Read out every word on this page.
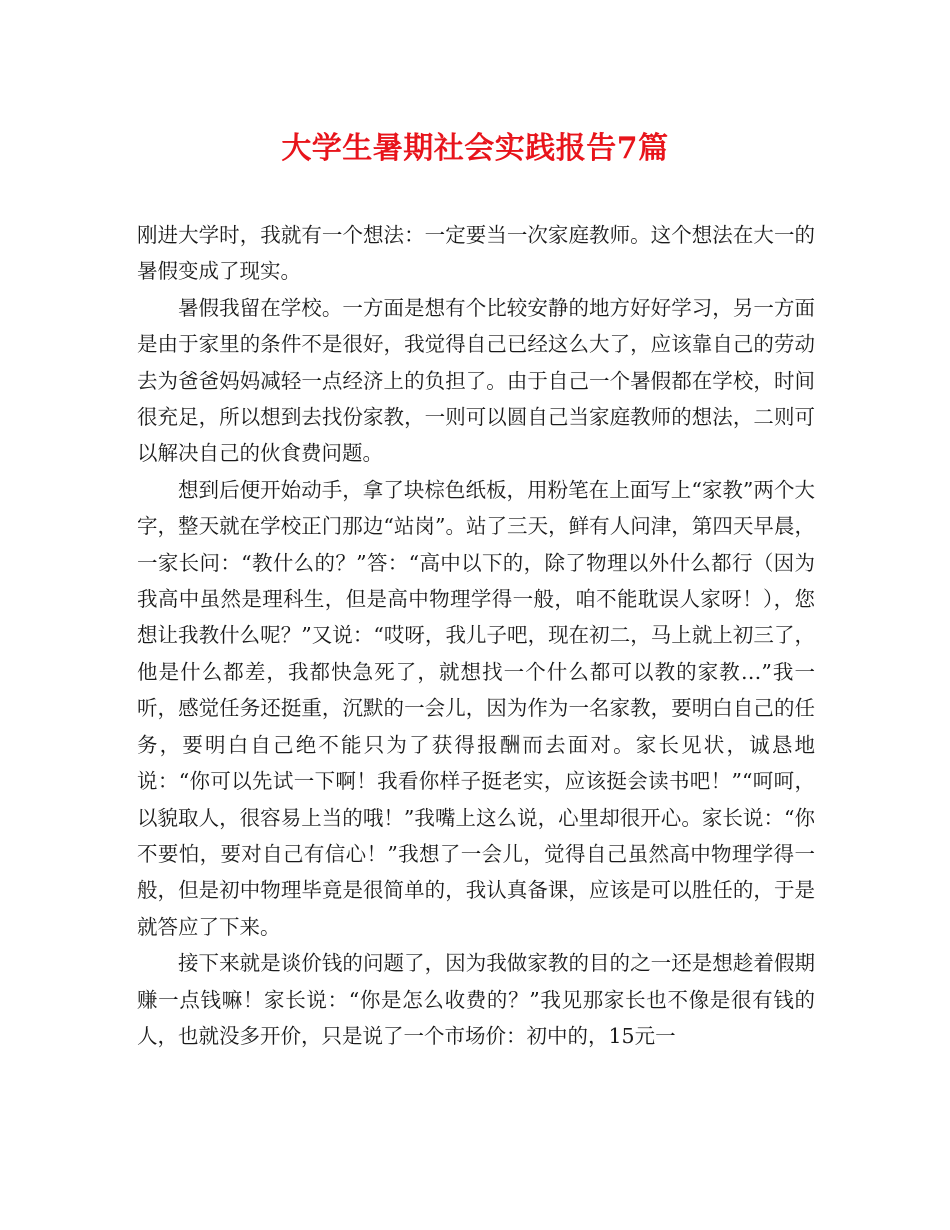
大学生暑期社会实践报告7篇

刚进大学时，我就有一个想法：一定要当一次家庭教师。这个想法在大一的暑假变成了现实。

暑假我留在学校。一方面是想有个比较安静的地方好好学习，另一方面是由于家里的条件不是很好，我觉得自己已经这么大了，应该靠自己的劳动去为爸爸妈妈减轻一点经济上的负担了。由于自己一个暑假都在学校，时间很充足，所以想到去找份家教，一则可以圆自己当家庭教师的想法，二则可以解决自己的伙食费问题。

想到后便开始动手，拿了块棕色纸板，用粉笔在上面写上“家教”两个大字，整天就在学校正门那边“站岗”。站了三天，鲜有人问津，第四天早晨，一家长问：“教什么的？”答：“高中以下的，除了物理以外什么都行（因为我高中虽然是理科生，但是高中物理学得一般，咱不能耽误人家呀！），您想让我教什么呢？”又说：“哎呀，我儿子吧，现在初二，马上就上初三了，他是什么都差，我都快急死了，就想找一个什么都可以教的家教…”我一听，感觉任务还挺重，沉默的一会儿，因为作为一名家教，要明白自己的任务，要明白自己绝不能只为了获得报酬而去面对。家长见状，诚恳地说：“你可以先试一下啊！我看你样子挺老实，应该挺会读书吧！”“呵呵，以貌取人，很容易上当的哦！”我嘴上这么说，心里却很开心。家长说：“你不要怕，要对自己有信心！”我想了一会儿，觉得自己虽然高中物理学得一般，但是初中物理毕竟是很简单的，我认真备课，应该是可以胜任的，于是就答应了下来。

接下来就是谈价钱的问题了，因为我做家教的目的之一还是想趁着假期赚一点钱嘛！家长说：“你是怎么收费的？”我见那家长也不像是很有钱的人，也就没多开价，只是说了一个市场价：初中的，15元一
